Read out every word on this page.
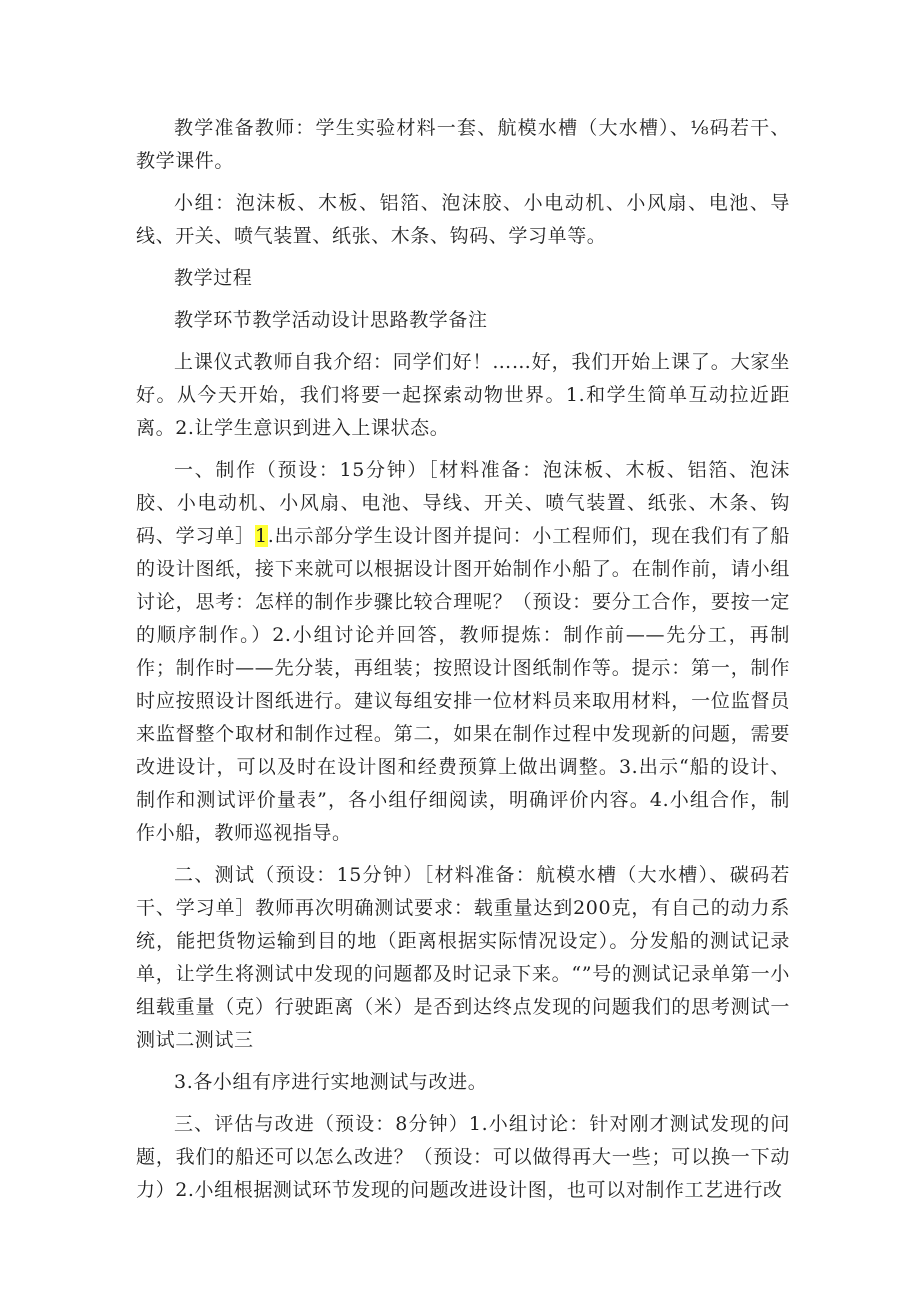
教学准备教师：学生实验材料一套、航模水槽（大水槽）、⅛码若干、教学课件。

小组：泡沫板、木板、铝箔、泡沫胶、小电动机、小风扇、电池、导线、开关、喷气装置、纸张、木条、钩码、学习单等。

教学过程

教学环节教学活动设计思路教学备注

上课仪式教师自我介绍：同学们好！……好，我们开始上课了。大家坐好。从今天开始，我们将要一起探索动物世界。1.和学生简单互动拉近距离。2.让学生意识到进入上课状态。

一、制作（预设：15分钟）［材料准备：泡沫板、木板、铝箔、泡沫胶、小电动机、小风扇、电池、导线、开关、喷气装置、纸张、木条、钩码、学习单］1.出示部分学生设计图并提问：小工程师们，现在我们有了船的设计图纸，接下来就可以根据设计图开始制作小船了。在制作前，请小组讨论，思考：怎样的制作步骤比较合理呢？（预设：要分工合作，要按一定的顺序制作。）2.小组讨论并回答，教师提炼：制作前——先分工，再制作；制作时——先分装，再组装；按照设计图纸制作等。提示：第一，制作时应按照设计图纸进行。建议每组安排一位材料员来取用材料，一位监督员来监督整个取材和制作过程。第二，如果在制作过程中发现新的问题，需要改进设计，可以及时在设计图和经费预算上做出调整。3.出示“船的设计、制作和测试评价量表”，各小组仔细阅读，明确评价内容。4.小组合作，制作小船，教师巡视指导。

二、测试（预设：15分钟）［材料准备：航模水槽（大水槽）、碳码若干、学习单］教师再次明确测试要求：载重量达到200克，有自己的动力系统，能把货物运输到目的地（距离根据实际情况设定）。分发船的测试记录单，让学生将测试中发现的问题都及时记录下来。“”号的测试记录单第一小组载重量（克）行驶距离（米）是否到达终点发现的问题我们的思考测试一测试二测试三

3.各小组有序进行实地测试与改进。

三、评估与改进（预设：8分钟）1.小组讨论：针对刚才测试发现的问题，我们的船还可以怎么改进？（预设：可以做得再大一些；可以换一下动力）2.小组根据测试环节发现的问题改进设计图，也可以对制作工艺进行改
